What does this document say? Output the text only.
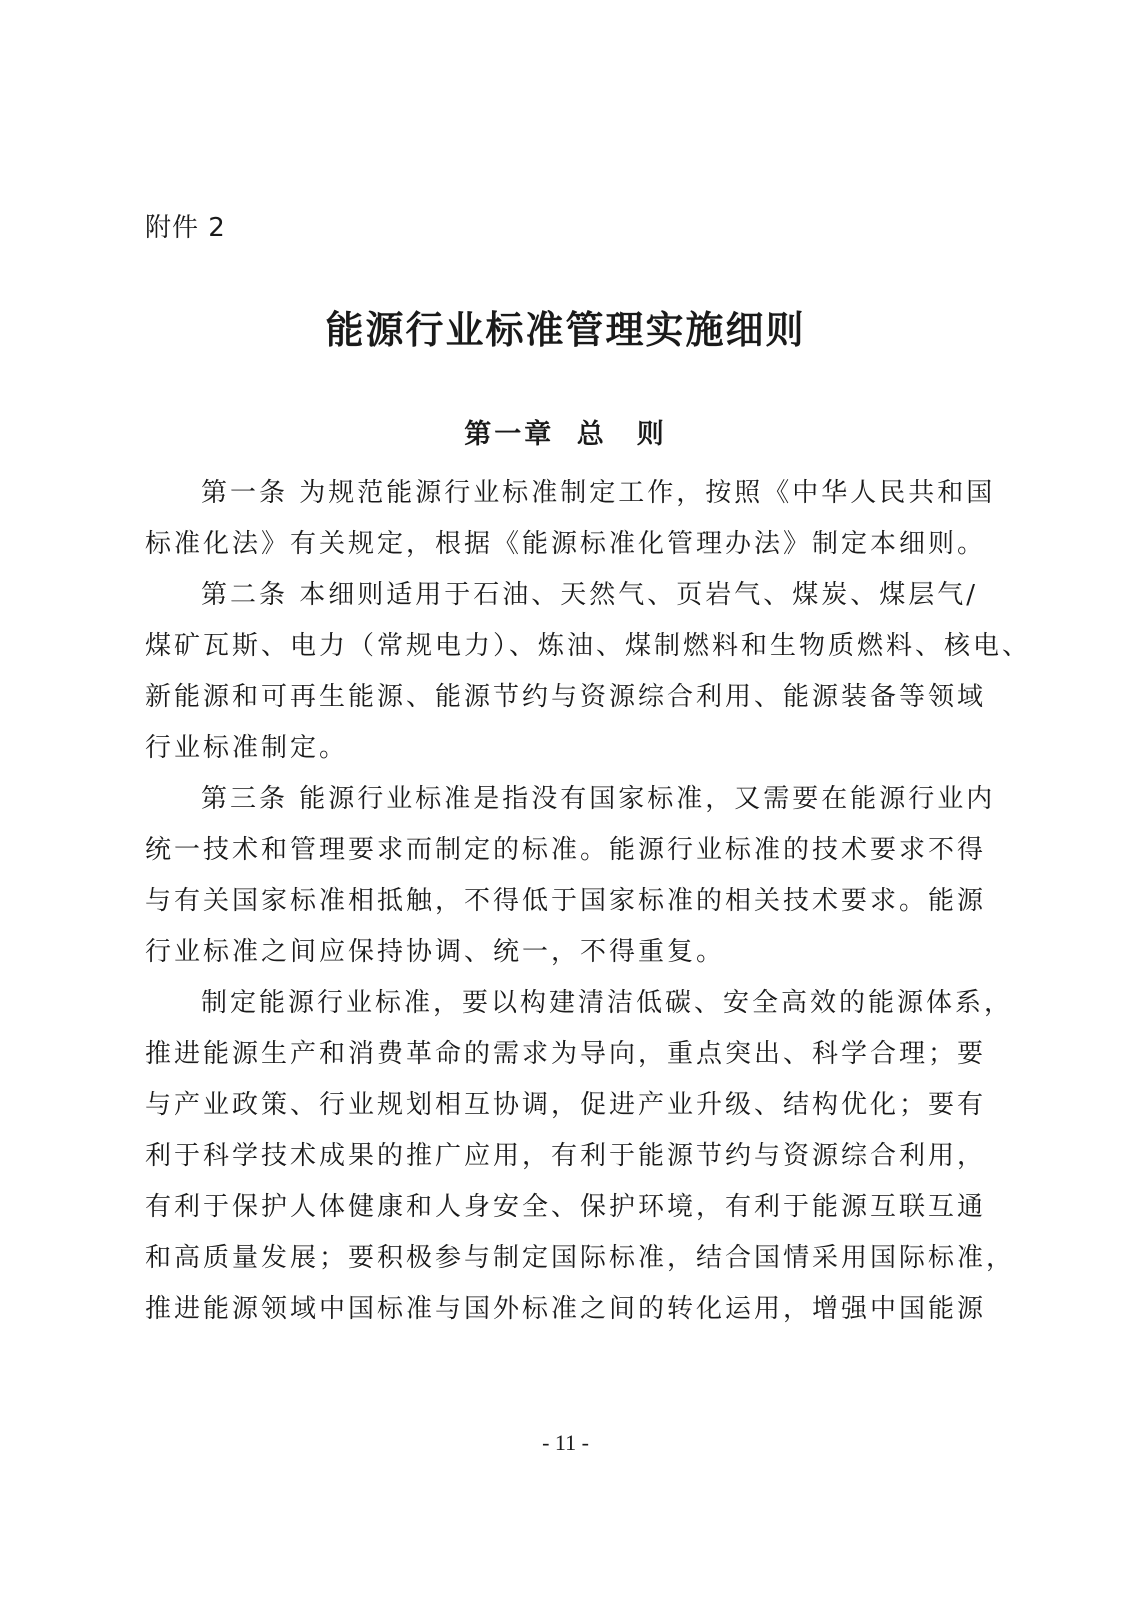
附件 2
能源行业标准管理实施细则
第一章 总　则
第一条 为规范能源行业标准制定工作，按照《中华人民共和国
标准化法》有关规定，根据《能源标准化管理办法》制定本细则。
第二条 本细则适用于石油、天然气、页岩气、煤炭、煤层气/
煤矿瓦斯、电力（常规电力）、炼油、煤制燃料和生物质燃料、核电、
新能源和可再生能源、能源节约与资源综合利用、能源装备等领域
行业标准制定。
第三条 能源行业标准是指没有国家标准，又需要在能源行业内
统一技术和管理要求而制定的标准。能源行业标准的技术要求不得
与有关国家标准相抵触，不得低于国家标准的相关技术要求。能源
行业标准之间应保持协调、统一，不得重复。
制定能源行业标准，要以构建清洁低碳、安全高效的能源体系，
推进能源生产和消费革命的需求为导向，重点突出、科学合理；要
与产业政策、行业规划相互协调，促进产业升级、结构优化；要有
利于科学技术成果的推广应用，有利于能源节约与资源综合利用，
有利于保护人体健康和人身安全、保护环境，有利于能源互联互通
和高质量发展；要积极参与制定国际标准，结合国情采用国际标准，
推进能源领域中国标准与国外标准之间的转化运用，增强中国能源
- 11 -
